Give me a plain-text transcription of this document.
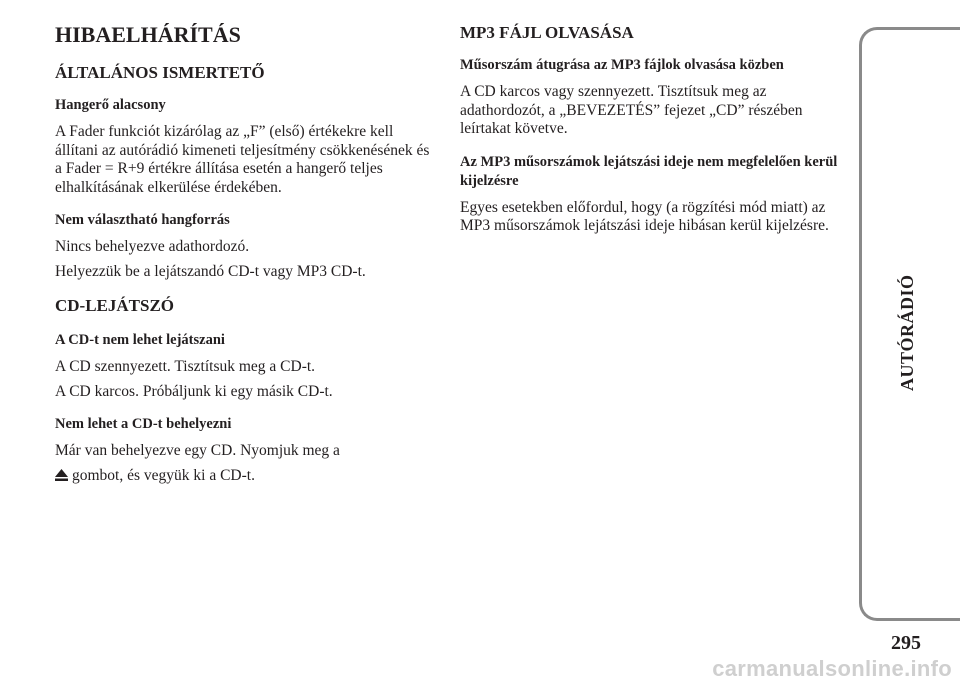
HIBAELHÁRÍTÁS
ÁLTALÁNOS ISMERTETŐ
Hangerő alacsony
A Fader funkciót kizárólag az „F” (első) értékekre kell állítani az autórádió kimeneti teljesítmény csökkenésének és a Fader = R+9 értékre állítása esetén a hangerő teljes elhalkításának elkerülése érdekében.
Nem választható hangforrás
Nincs behelyezve adathordozó.
Helyezzük be a lejátszandó CD-t vagy MP3 CD-t.
CD-LEJÁTSZÓ
A CD-t nem lehet lejátszani
A CD szennyezett. Tisztítsuk meg a CD-t.
A CD karcos. Próbáljunk ki egy másik CD-t.
Nem lehet a CD-t behelyezni
Már van behelyezve egy CD. Nyomjuk meg a
gombot, és vegyük ki a CD-t.
MP3 FÁJL OLVASÁSA
Műsorszám átugrása az MP3 fájlok olvasása közben
A CD karcos vagy szennyezett. Tisztítsuk meg az adathordozót, a „BEVEZETÉS” fejezet „CD” részében leírtakat követve.
Az MP3 műsorszámok lejátszási ideje nem megfelelően kerül kijelzésre
Egyes esetekben előfordul, hogy (a rögzítési mód miatt) az MP3 műsorszámok lejátszási ideje hibásan kerül kijelzésre.
AUTÓRÁDIÓ
295
carmanualsonline.info
